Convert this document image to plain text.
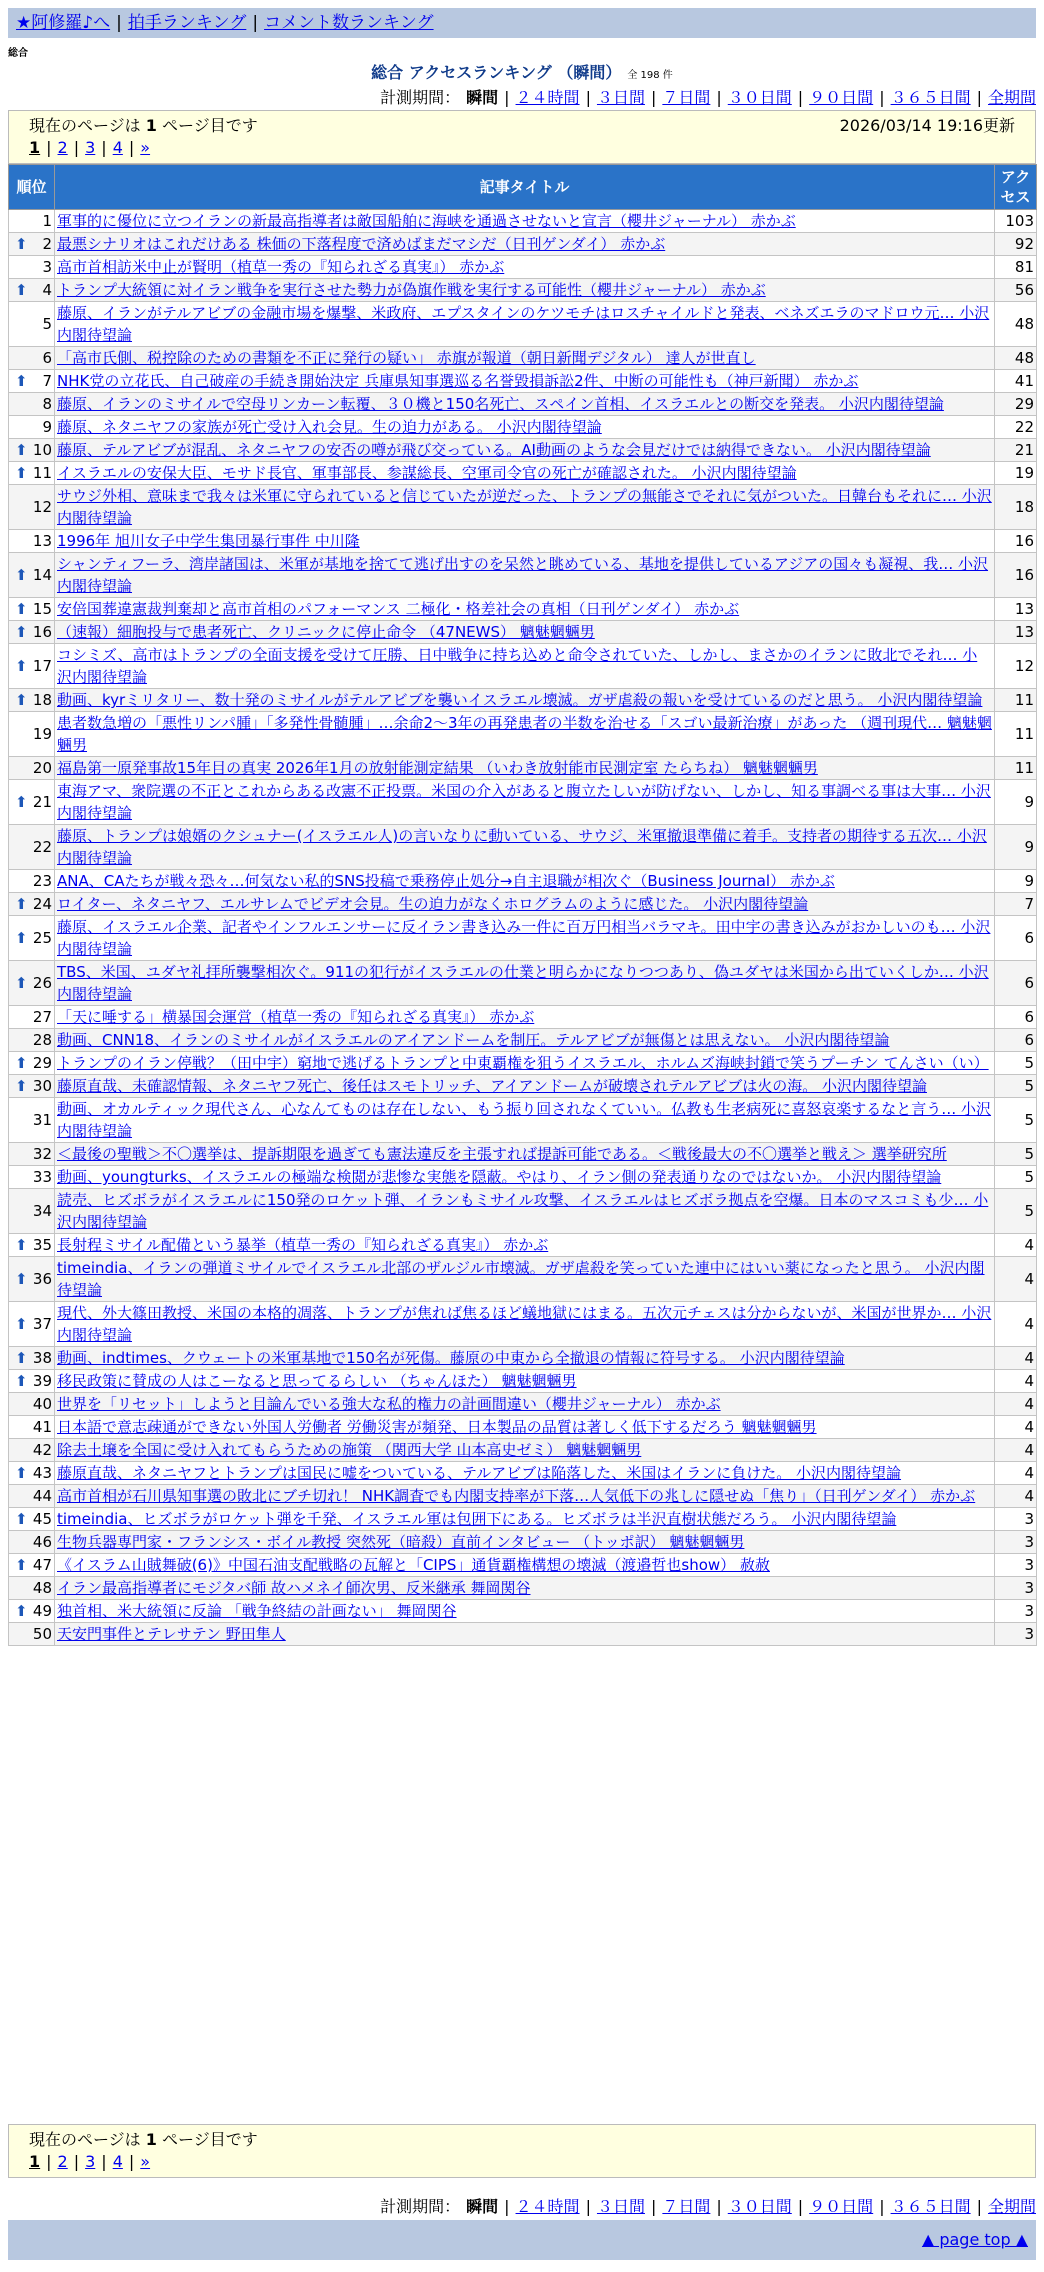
★阿修羅♪へ | 拍手ランキング | コメント数ランキング
総合
総合 アクセスランキング （瞬間） 全 198 件
計測期間： 瞬間 | ２４時間 | ３日間 | ７日間 | ３０日間 | ９０日間 | ３６５日間 | 全期間
現在のページは 1 ページ目です	2026/03/14 19:16更新
1 | 2 | 3 | 4 | »
順位	記事タイトル	アクセス
1	軍事的に優位に立つイランの新最高指導者は敵国船舶に海峡を通過させないと宣言（櫻井ジャーナル） 赤かぶ	103

⬆ 2	最悪シナリオはこれだけある 株価の下落程度で済めばまだマシだ（日刊ゲンダイ） 赤かぶ	92
3	高市首相訪米中止が賢明（植草一秀の『知られざる真実』） 赤かぶ	81

⬆ 4	トランプ大統領に対イラン戦争を実行させた勢力が偽旗作戦を実行する可能性（櫻井ジャーナル） 赤かぶ	56
5	藤原、イランがテルアビブの金融市場を爆撃、米政府、エプスタインのケツモチはロスチャイルドと発表、ベネズエラのマドロウ元… 小沢内閣待望論	48
6	「高市氏側、税控除のための書類を不正に発行の疑い」 赤旗が報道（朝日新聞デジタル） 達人が世直し	48

⬆ 7	NHK党の立花氏、自己破産の手続き開始決定 兵庫県知事選巡る名誉毀損訴訟2件、中断の可能性も（神戸新聞） 赤かぶ	41
8	藤原、イランのミサイルで空母リンカーン転覆、３０機と150名死亡、スペイン首相、イスラエルとの断交を発表。 小沢内閣待望論	29
9	藤原、ネタニヤフの家族が死亡受け入れ会見。生の迫力がある。 小沢内閣待望論	22

⬆ 10	藤原、テルアビブが混乱、ネタニヤフの安否の噂が飛び交っている。AI動画のような会見だけでは納得できない。 小沢内閣待望論	21

⬆ 11	イスラエルの安保大臣、モサド長官、軍事部長、参謀総長、空軍司令官の死亡が確認された。 小沢内閣待望論	19
12	サウジ外相、意味まで我々は米軍に守られていると信じていたが逆だった、トランプの無能さでそれに気がついた。日韓台もそれに… 小沢内閣待望論	18
13	1996年 旭川女子中学生集団暴行事件 中川隆	16

⬆ 14	シャンティフーラ、湾岸諸国は、米軍が基地を捨てて逃げ出すのを呆然と眺めている、基地を提供しているアジアの国々も凝視、我… 小沢内閣待望論	16

⬆ 15	安倍国葬違憲裁判棄却と高市首相のパフォーマンス 二極化・格差社会の真相（日刊ゲンダイ） 赤かぶ	13

⬆ 16	（速報）細胞投与で患者死亡、クリニックに停止命令 （47NEWS） 魑魅魍魎男	13

⬆ 17	コシミズ、高市はトランプの全面支援を受けて圧勝、日中戦争に持ち込めと命令されていた、しかし、まさかのイランに敗北でそれ… 小沢内閣待望論	12

⬆ 18	動画、kyrミリタリー、数十発のミサイルがテルアビブを襲いイスラエル壊滅。ガザ虐殺の報いを受けているのだと思う。 小沢内閣待望論	11
19	患者数急増の「悪性リンパ腫」「多発性骨髄腫」…余命2～3年の再発患者の半数を治せる「スゴい最新治療」があった （週刊現代… 魑魅魍魎男	11
20	福島第一原発事故15年目の真実 2026年1月の放射能測定結果 （いわき放射能市民測定室 たらちね） 魑魅魍魎男	11

⬆ 21	東海アマ、衆院選の不正とこれからある改憲不正投票。米国の介入があると腹立たしいが防げない、しかし、知る事調べる事は大事… 小沢内閣待望論	9
22	藤原、トランプは娘婿のクシュナー(イスラエル人)の言いなりに動いている、サウジ、米軍撤退準備に着手。支持者の期待する五次… 小沢内閣待望論	9
23	ANA、CAたちが戦々恐々…何気ない私的SNS投稿で乗務停止処分→自主退職が相次ぐ（Business Journal） 赤かぶ	9

⬆ 24	ロイター、ネタニヤフ、エルサレムでビデオ会見。生の迫力がなくホログラムのように感じた。 小沢内閣待望論	7

⬆ 25	藤原、イスラエル企業、記者やインフルエンサーに反イラン書き込み一件に百万円相当バラマキ。田中宇の書き込みがおかしいのも… 小沢内閣待望論	6

⬆ 26	TBS、米国、ユダヤ礼拝所襲撃相次ぐ。911の犯行がイスラエルの仕業と明らかになりつつあり、偽ユダヤは米国から出ていくしか… 小沢内閣待望論	6
27	「天に唾する」横暴国会運営（植草一秀の『知られざる真実』） 赤かぶ	6
28	動画、CNN18、イランのミサイルがイスラエルのアイアンドームを制圧。テルアビブが無傷とは思えない。 小沢内閣待望論	6

⬆ 29	トランプのイラン停戦？（田中宇）窮地で逃げるトランプと中東覇権を狙うイスラエル、ホルムズ海峡封鎖で笑うプーチン てんさい（い）	5

⬆ 30	藤原直哉、未確認情報、ネタニヤフ死亡、後任はスモトリッチ、アイアンドームが破壊されテルアビブは火の海。 小沢内閣待望論	5
31	動画、オカルティック現代さん、心なんてものは存在しない、もう振り回されなくていい。仏教も生老病死に喜怒哀楽するなと言う… 小沢内閣待望論	5
32	＜最後の聖戦＞不〇選挙は、提訴期限を過ぎても憲法違反を主張すれば提訴可能である。＜戦後最大の不〇選挙と戦え＞ 選挙研究所	5
33	動画、youngturks、イスラエルの極端な検閲が悲惨な実態を隠蔽。やはり、イラン側の発表通りなのではないか。 小沢内閣待望論	5
34	読売、ヒズボラがイスラエルに150発のロケット弾、イランもミサイル攻撃、イスラエルはヒズボラ拠点を空爆。日本のマスコミも少… 小沢内閣待望論	5

⬆ 35	長射程ミサイル配備という暴挙（植草一秀の『知られざる真実』） 赤かぶ	4

⬆ 36	timeindia、イランの弾道ミサイルでイスラエル北部のザルジル市壊滅。ガザ虐殺を笑っていた連中にはいい薬になったと思う。 小沢内閣待望論	4

⬆ 37	現代、外大篠田教授、米国の本格的凋落、トランプが焦れば焦るほど蟻地獄にはまる。五次元チェスは分からないが、米国が世界か… 小沢内閣待望論	4

⬆ 38	動画、indtimes、クウェートの米軍基地で150名が死傷。藤原の中東から全撤退の情報に符号する。 小沢内閣待望論	4

⬆ 39	移民政策に賛成の人はこーなると思ってるらしい （ちゃんほた） 魑魅魍魎男	4
40	世界を「リセット」しようと目論んでいる強大な私的権力の計画間違い（櫻井ジャーナル） 赤かぶ	4
41	日本語で意志疎通ができない外国人労働者 労働災害が頻発、日本製品の品質は著しく低下するだろう 魑魅魍魎男	4
42	除去土壌を全国に受け入れてもらうための施策 （関西大学 山本高史ゼミ） 魑魅魍魎男	4

⬆ 43	藤原直哉、ネタニヤフとトランプは国民に嘘をついている、テルアビブは陥落した、米国はイランに負けた。 小沢内閣待望論	4
44	高市首相が石川県知事選の敗北にブチ切れ！ NHK調査でも内閣支持率が下落…人気低下の兆しに隠せぬ「焦り」（日刊ゲンダイ） 赤かぶ	4

⬆ 45	timeindia、ヒズボラがロケット弾を千発、イスラエル軍は包囲下にある。ヒズボラは半沢直樹状態だろう。 小沢内閣待望論	3
46	生物兵器専門家・フランシス・ボイル教授 突然死（暗殺）直前インタビュー （トッポ訳） 魑魅魍魎男	3

⬆ 47	《イスラム山賊舞破(6)》中国石油支配戦略の瓦解と「CIPS」通貨覇権構想の壊滅（渡邉哲也show） 赦赦	3
48	イラン最高指導者にモジタバ師 故ハメネイ師次男、反米継承 舞岡関谷	3

⬆ 49	独首相、米大統領に反論 「戦争終結の計画ない」 舞岡関谷	3
50	天安門事件とテレサテン 野田隼人	3
現在のページは 1 ページ目です
1 | 2 | 3 | 4 | »
計測期間： 瞬間 | ２４時間 | ３日間 | ７日間 | ３０日間 | ９０日間 | ３６５日間 | 全期間
▲ page top ▲
